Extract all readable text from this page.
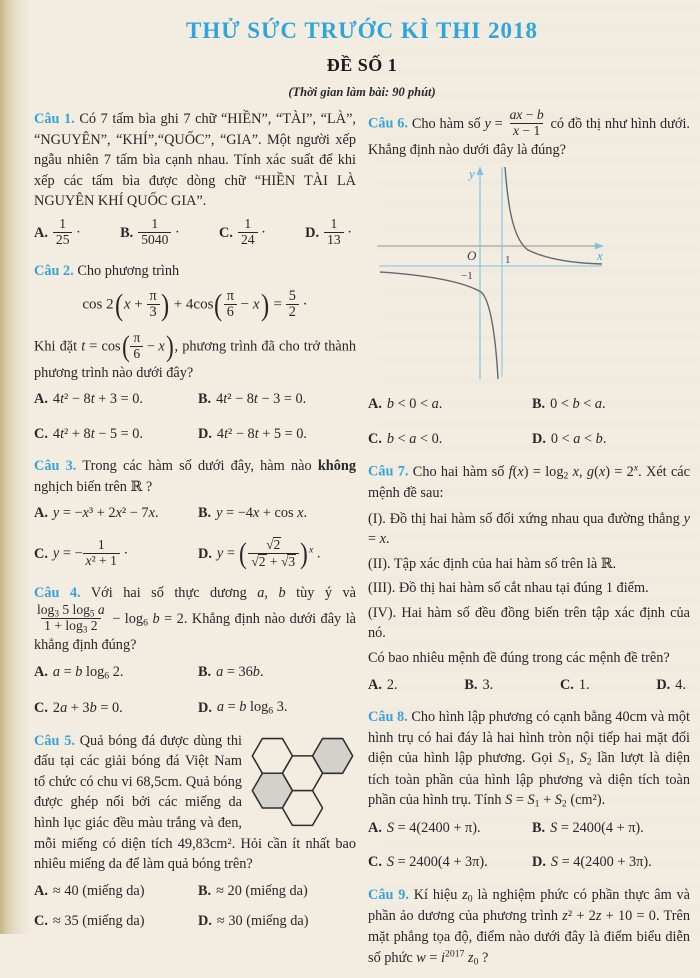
THỬ SỨC TRƯỚC KÌ THI 2018
ĐỀ SỐ 1
(Thời gian làm bài: 90 phút)

Câu 1. Có 7 tấm bìa ghi 7 chữ “HIỀN”, “TÀI”, “LÀ”, “NGUYÊN”, “KHÍ”,“QUỐC”, “GIA”. Một người xếp ngẫu nhiên 7 tấm bìa cạnh nhau. Tính xác suất để khi xếp các tấm bìa được dòng chữ “HIỀN TÀI LÀ NGUYÊN KHÍ QUỐC GIA”.

A. $\frac{1}{25}$ ·	B. $\frac{1}{5040}$ ·	C. $\frac{1}{24}$ ·	D. $\frac{1}{13}$ ·

Câu 2. Cho phương trình

cos 2 ( $x + \frac{\pi}{3}$ ) + 4cos ( $\frac{\pi}{6} - x$ ) = $\frac{5}{2}$ ·

Khi đặt t = cos ( $\frac{\pi}{6} - x$ ) , phương trình đã cho trở thành phương trình nào dưới đây?

A. 4t² − 8t + 3 = 0.	B. 4t² − 8t − 3 = 0.
C. 4t² + 8t − 5 = 0.	D. 4t² − 8t + 5 = 0.

Câu 3. Trong các hàm số dưới đây, hàm nào không nghịch biến trên ℝ ?

A. y = −x³ + 2x² − 7x.	B. y = −4x + cos x.
C. y = − $\frac{1}{\text{x² + 1}}$ ·	D. y = ( $\frac{√ 2}{√ 2 + √ 3}$ ) $^x$ .

Câu 4. Với hai số thực dương a, b tùy ý và
$\frac{\log 3 5 \log 5 a}{1 + \log 3 2} - \log 6$ b = 2. Khẳng định nào dưới đây là khẳng định đúng?

A. a = b log6 2.	B. a = 36b.
C. 2a + 3b = 0.	D. a = b log6 3.

Câu 5. Quả bóng đá được dùng thi đấu tại các giải bóng đá Việt Nam tổ chức có chu vi 68,5cm. Quả bóng được ghép nối bởi các miếng da hình lục giác đều màu trắng và đen, mỗi miếng có diện tích 49,83cm². Hỏi cần ít nhất bao nhiêu miếng da để làm quả bóng trên?

A. ≈ 40 (miếng da)	B. ≈ 20 (miếng da)
C. ≈ 35 (miếng da)	D. ≈ 30 (miếng da)

Câu 6. Cho hàm số $y = \frac{ax - b}{x - 1}$ có đồ thị như hình dưới. Khẳng định nào dưới đây là đúng?

y
x
O	1
−1
A. b < 0 < a.	B. 0 < b < a.
C. b < a < 0.	D. 0 < a < b.

Câu 7. Cho hai hàm số f(x) = log2 x, $g(x) = 2^x$. Xét các mệnh đề sau:

(I). Đồ thị hai hàm số đối xứng nhau qua đường thẳng y = x.

(II). Tập xác định của hai hàm số trên là ℝ.

(III). Đồ thị hai hàm số cắt nhau tại đúng 1 điểm.

(IV). Hai hàm số đều đồng biến trên tập xác định của nó.

Có bao nhiêu mệnh đề đúng trong các mệnh đề trên?

A. 2.	B. 3.	C. 1.	D. 4.

Câu 8. Cho hình lập phương có cạnh bằng 40cm và một hình trụ có hai đáy là hai hình tròn nội tiếp hai mặt đối diện của hình lập phương. Gọi S1, S2 lần lượt là diện tích toàn phần của hình lập phương và diện tích toàn phần của hình trụ. Tính S = S1 + S2 (cm²).

A. S = 4(2400 + π).	B. S = 2400(4 + π).
C. S = 2400(4 + 3π).	D. S = 4(2400 + 3π).

Câu 9. Kí hiệu z0 là nghiệm phức có phần thực âm và phần ảo dương của phương trình z² + 2z + 10 = 0. Trên mặt phẳng tọa độ, điểm nào dưới đây là điểm biểu diễn số phức $w = i^{2017}$ z0 ?
